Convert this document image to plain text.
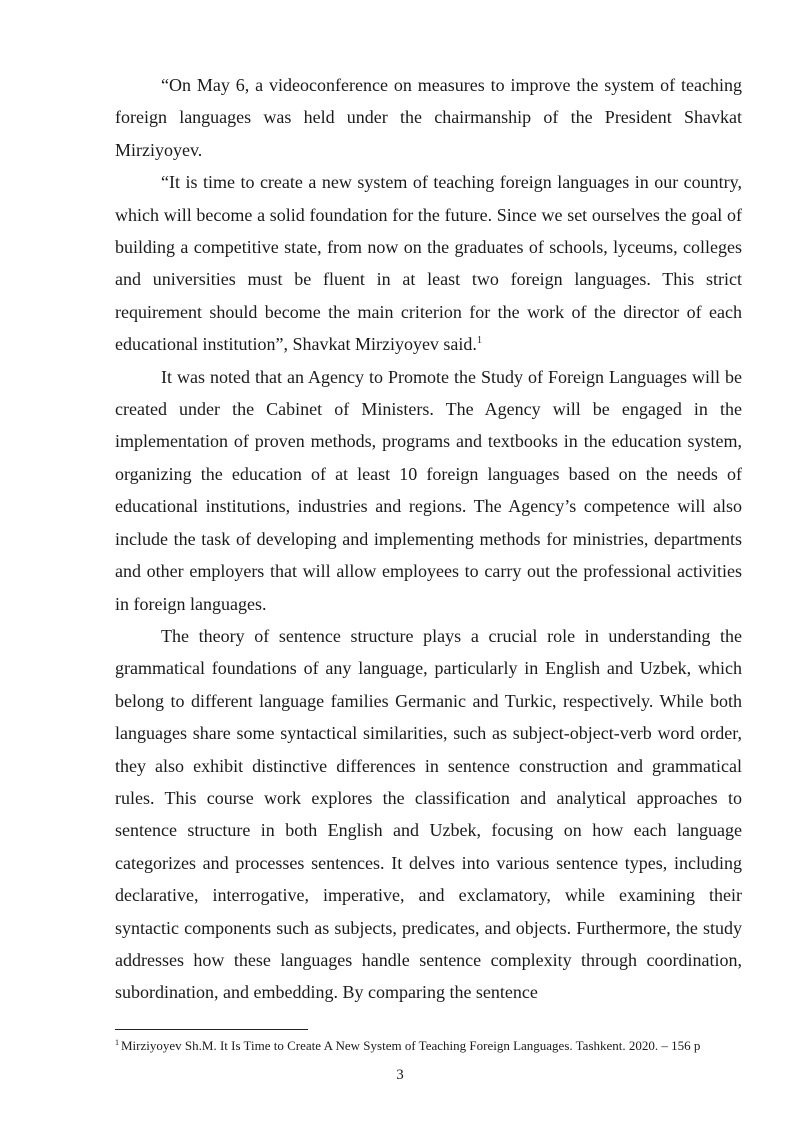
“On May 6, a videoconference on measures to improve the system of teaching foreign languages was held under the chairmanship of the President Shavkat Mirziyoyev.

“It is time to create a new system of teaching foreign languages in our country, which will become a solid foundation for the future. Since we set ourselves the goal of building a competitive state, from now on the graduates of schools, lyceums, colleges and universities must be fluent in at least two foreign languages. This strict requirement should become the main criterion for the work of the director of each educational institution”, Shavkat Mirziyoyev said.$^1$

It was noted that an Agency to Promote the Study of Foreign Languages will be created under the Cabinet of Ministers. The Agency will be engaged in the implementation of proven methods, programs and textbooks in the education system, organizing the education of at least 10 foreign languages based on the needs of educational institutions, industries and regions. The Agency’s competence will also include the task of developing and implementing methods for ministries, departments and other employers that will allow employees to carry out the professional activities in foreign languages.

The theory of sentence structure plays a crucial role in understanding the grammatical foundations of any language, particularly in English and Uzbek, which belong to different language families Germanic and Turkic, respectively. While both languages share some syntactical similarities, such as subject-object-verb word order, they also exhibit distinctive differences in sentence construction and grammatical rules. This course work explores the classification and analytical approaches to sentence structure in both English and Uzbek, focusing on how each language categorizes and processes sentences. It delves into various sentence types, including declarative, interrogative, imperative, and exclamatory, while examining their syntactic components such as subjects, predicates, and objects. Furthermore, the study addresses how these languages handle sentence complexity through coordination, subordination, and embedding. By comparing the sentence

$^1$ Mirziyoyev Sh.M. It Is Time to Create A New System of Teaching Foreign Languages. Tashkent. 2020. – 156 p
3
